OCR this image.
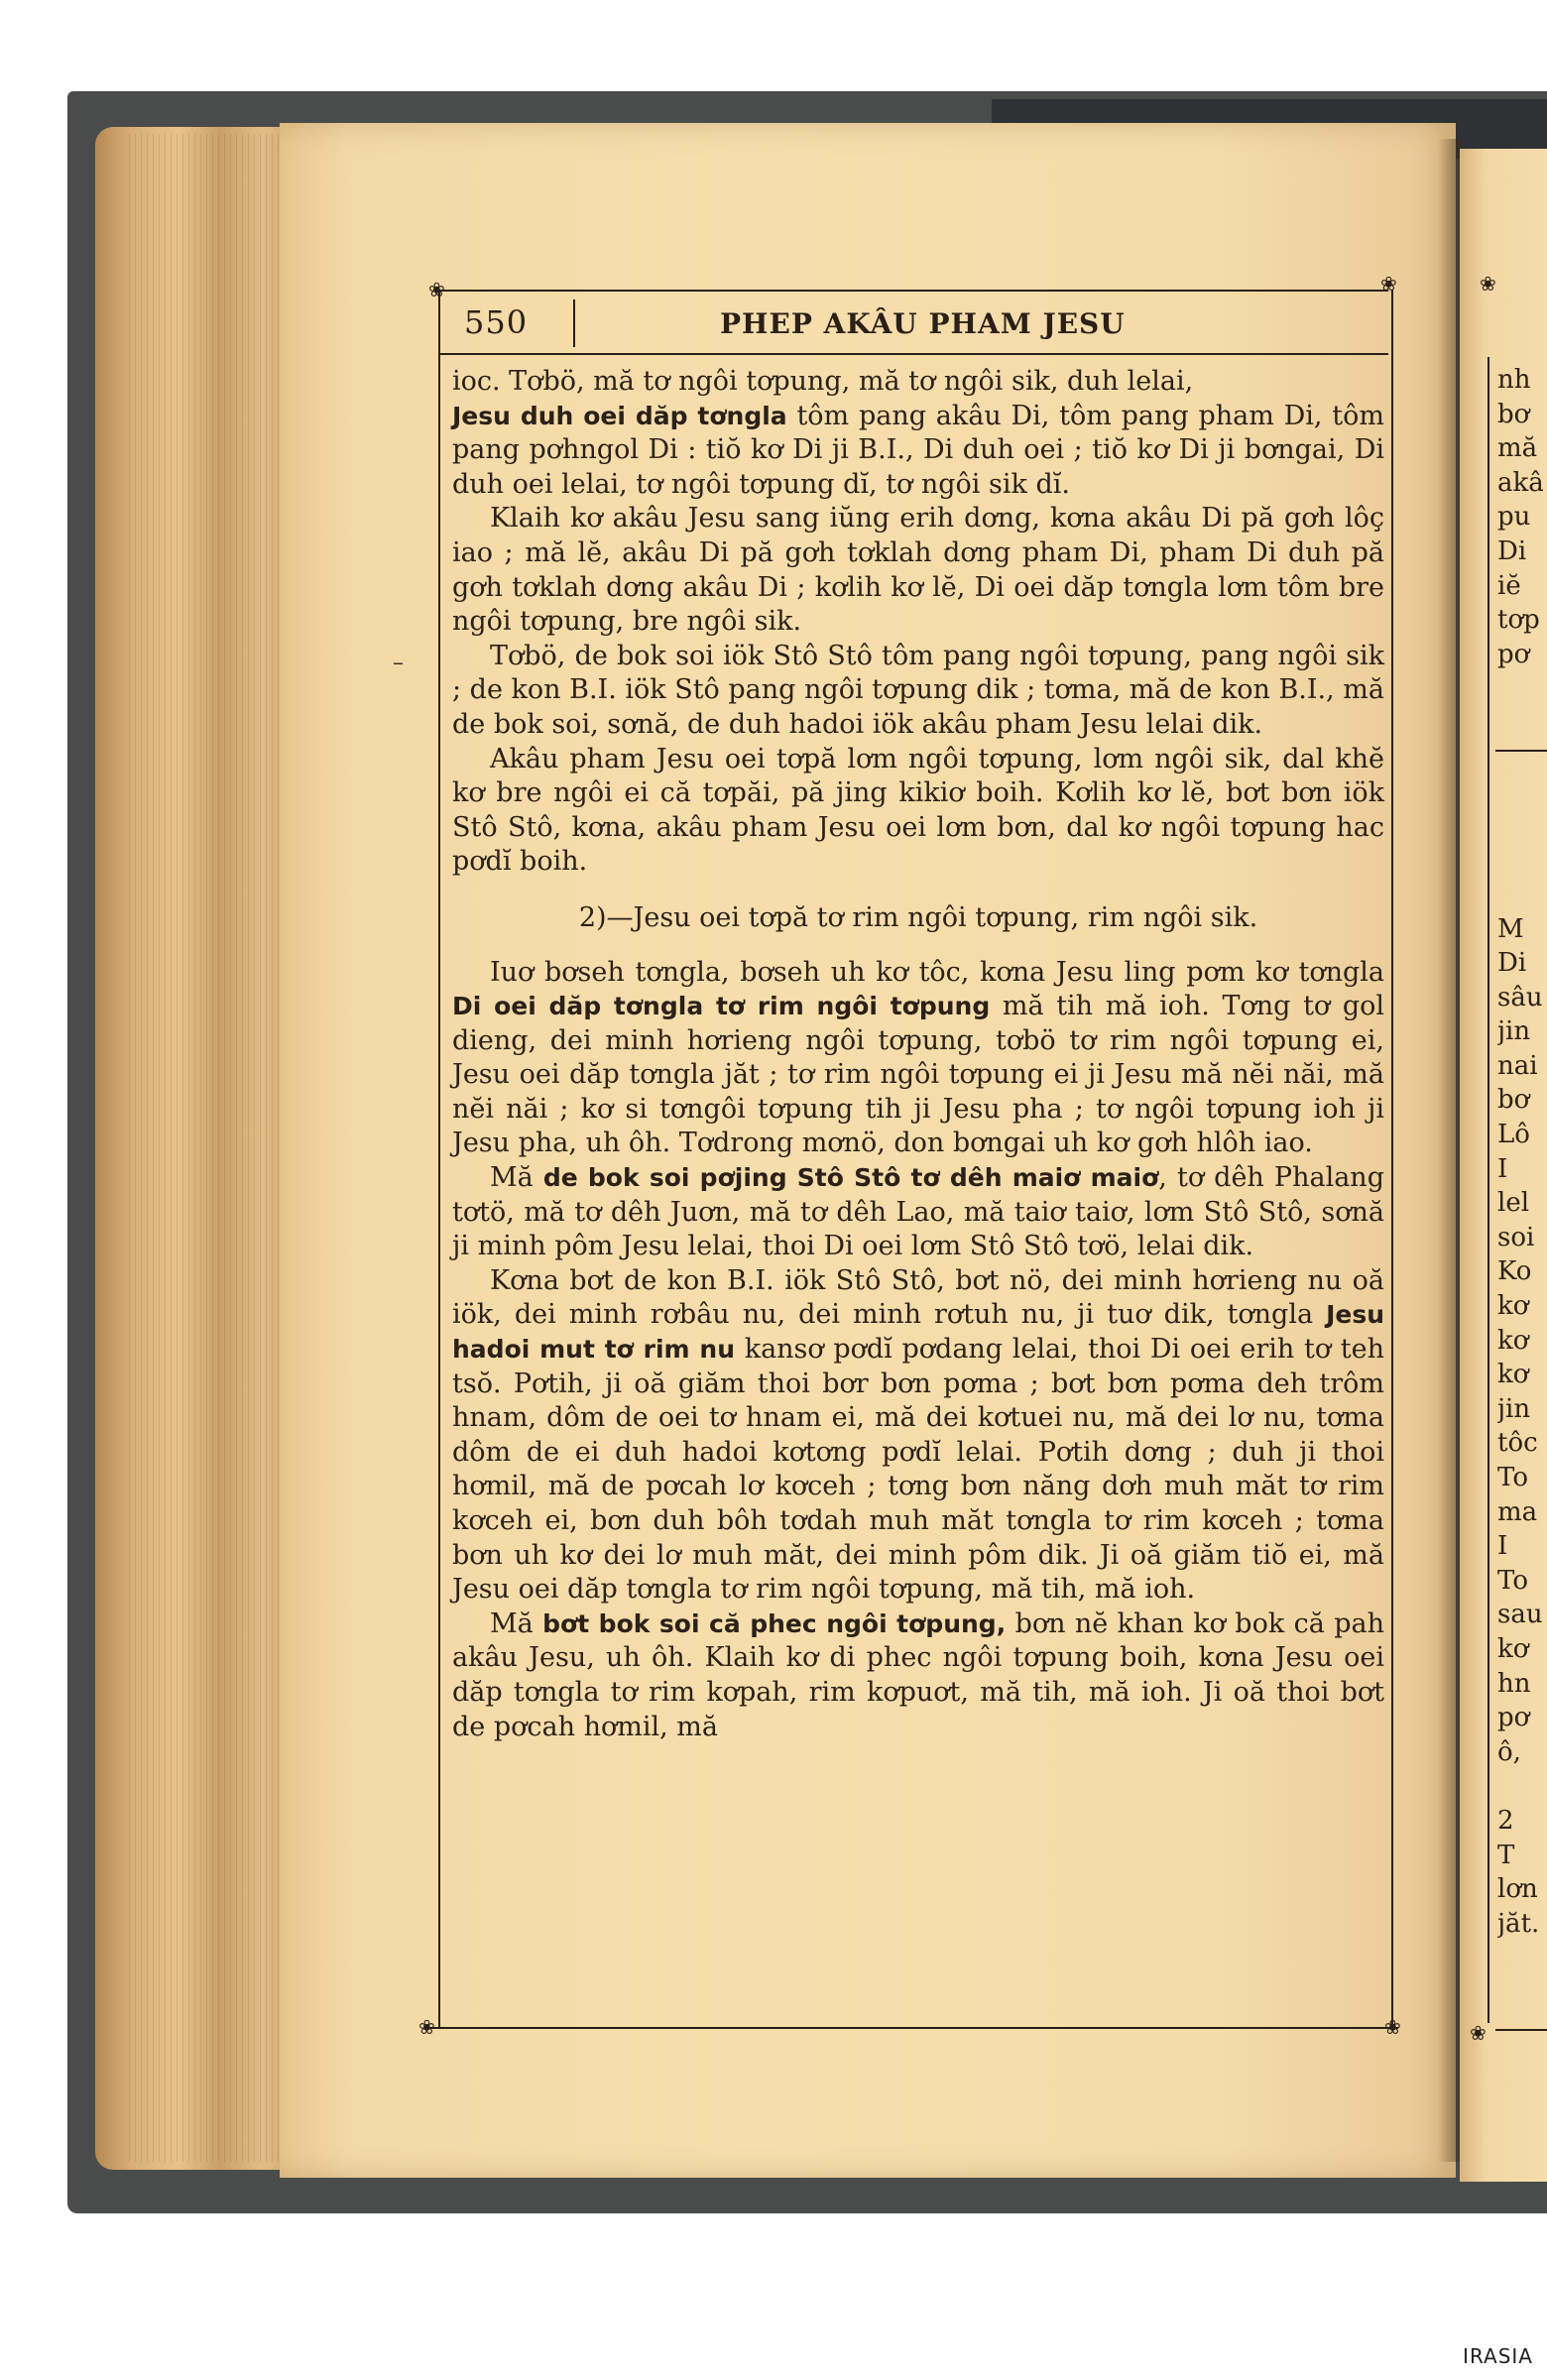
❀	❀
❀	❀
❀
❀
550	PHEP AKÂU PHAM JESU
–

ioc. Tơbö, mă tơ ngôi tơpung, mă tơ ngôi sik, duh lelai,
Jesu duh oei dăp tơngla tôm pang akâu Di, tôm pang pham Di, tôm pang pơhngol Di : tiŏ kơ Di ji B.I., Di duh oei ; tiŏ kơ Di ji bơngai, Di duh oei lelai, tơ ngôi tơpung dĭ, tơ ngôi sik dĭ.

Klaih kơ akâu Jesu sang iŭng erih dơng, kơna akâu Di pă gơh lôç iao ; mă lĕ, akâu Di pă gơh tơklah dơng pham Di, pham Di duh pă gơh tơklah dơng akâu Di ; kơlih kơ lĕ, Di oei dăp tơngla lơm tôm bre ngôi tơpung, bre ngôi sik.

Tơbö, de bok soi iök Stô Stô tôm pang ngôi tơpung, pang ngôi sik ; de kon B.I. iök Stô pang ngôi tơpung dik ; tơma, mă de kon B.I., mă de bok soi, sơnă, de duh hadoi iök akâu pham Jesu lelai dik.

Akâu pham Jesu oei tơpă lơm ngôi tơpung, lơm ngôi sik, dal khĕ kơ bre ngôi ei că tơpăi, pă jing kikiơ boih. Kơlih kơ lĕ, bơt bơn iök Stô Stô, kơna, akâu pham Jesu oei lơm bơn, dal kơ ngôi tơpung hac pơdĭ boih.

2)—Jesu oei tơpă tơ rim ngôi tơpung, rim ngôi sik.

Iuơ bơseh tơngla, bơseh uh kơ tôc, kơna Jesu ling pơm kơ tơngla Di oei dăp tơngla tơ rim ngôi tơpung mă tih mă ioh. Tơng tơ gol dieng, dei minh hơrieng ngôi tơpung, tơbö tơ rim ngôi tơpung ei, Jesu oei dăp tơngla jăt ; tơ rim ngôi tơpung ei ji Jesu mă nĕi năi, mă nĕi năi ; kơ si tơngôi tơpung tih ji Jesu pha ; tơ ngôi tơpung ioh ji Jesu pha, uh ôh. Tơdrong mơnö, don bơngai uh kơ gơh hlôh iao.

Mă de bok soi pơjing Stô Stô tơ dêh maiơ maiơ, tơ dêh Phalang tơtö, mă tơ dêh Juơn, mă tơ dêh Lao, mă taiơ taiơ, lơm Stô Stô, sơnă ji minh pôm Jesu lelai, thoi Di oei lơm Stô Stô tơö, lelai dik.

Kơna bơt de kon B.I. iök Stô Stô, bơt nö, dei minh hơrieng nu oă iök, dei minh rơbâu nu, dei minh rơtuh nu, ji tuơ dik, tơngla Jesu hadoi mut tơ rim nu kansơ pơdĭ pơdang lelai, thoi Di oei erih tơ teh tsŏ. Pơtih, ji oă giăm thoi bơr bơn pơma ; bơt bơn pơma deh trôm hnam, dôm de oei tơ hnam ei, mă dei kơtuei nu, mă dei lơ nu, tơma dôm de ei duh hadoi kơtơng pơdĭ lelai. Pơtih dơng ; duh ji thoi hơmil, mă de pơcah lơ kơceh ; tơng bơn năng dơh muh măt tơ rim kơceh ei, bơn duh bôh tơdah muh măt tơngla tơ rim kơceh ; tơma bơn uh kơ dei lơ muh măt, dei minh pôm dik. Ji oă giăm tiŏ ei, mă Jesu oei dăp tơngla tơ rim ngôi tơpung, mă tih, mă ioh.

Mă bơt bok soi că phec ngôi tơpung, bơn nĕ khan kơ bok că pah akâu Jesu, uh ôh. Klaih kơ di phec ngôi tơpung boih, kơna Jesu oei dăp tơngla tơ rim kơpah, rim kơpuơt, mă tih, mă ioh. Ji oă thoi bơt de pơcah hơmil, mă

nh
bơ
mă
akâ
pu
Di
iĕ
tơp
pơ
M
Di
sâu
jin
nai
bơ
Lô
I
lel
soi
Ko
kơ
kơ
kơ
jin
tôc
To
ma
I
To
sau
kơ
hn
pơ
ô,
2
T
lơn
jăt.
IRASIA
